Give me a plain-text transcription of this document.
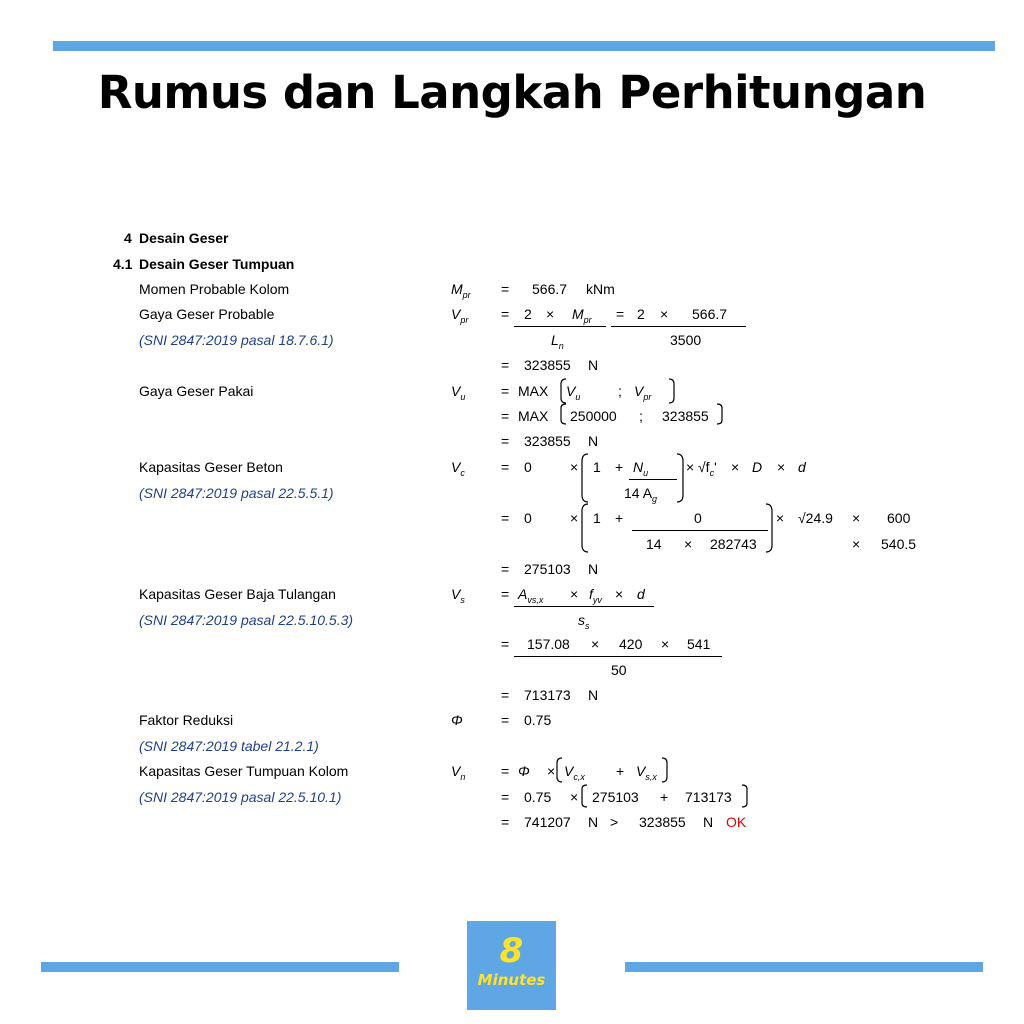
Rumus dan Langkah Perhitungan
4 Desain Geser
4.1 Desain Geser Tumpuan
Momen Probable Kolom	$M_{pr} = 566.7$ kNm
Gaya Geser Probable
(SNI 2847:2019 pasal 18.7.6.1)
$V_{pr} = 2 \times M_{pr}$
$L_n$
= 2 × 566.7
3500
= 323855 N
Gaya Geser Pakai	$V_u$	= MAX $V_u$	; $V_{pr}$
= MAX 250000 ; 323855
= 323855 N
Kapasitas Geser Beton
(SNI 2847:2019 pasal 22.5.5.1)
$V_c$	= 0	× $1 + N_u$
14 $A_g$
× $√f_c' \times D \times d$
= 0	× 1 +	0
14 × 282743
× √24.9 × 600
× 540.5
= 275103 N
Kapasitas Geser Baja Tulangan
(SNI 2847:2019 pasal 22.5.10.5.3)
$V_s$	= $A_{vs,x} \times f_{yv} \times d$
$s_s$
= 157.08 × 420 × 541
50
= 713173 N
Faktor Reduksi
(SNI 2847:2019 tabel 21.2.1)
Φ	= 0.75
Kapasitas Geser Tumpuan Kolom
(SNI 2847:2019 pasal 22.5.10.1)
$V_n$	= $\Phi \times V_{c,x} + V_{s,x}$
= 0.75 × 275103 + 713173
= 741207 N > 323855 N OK
8
Minutes
